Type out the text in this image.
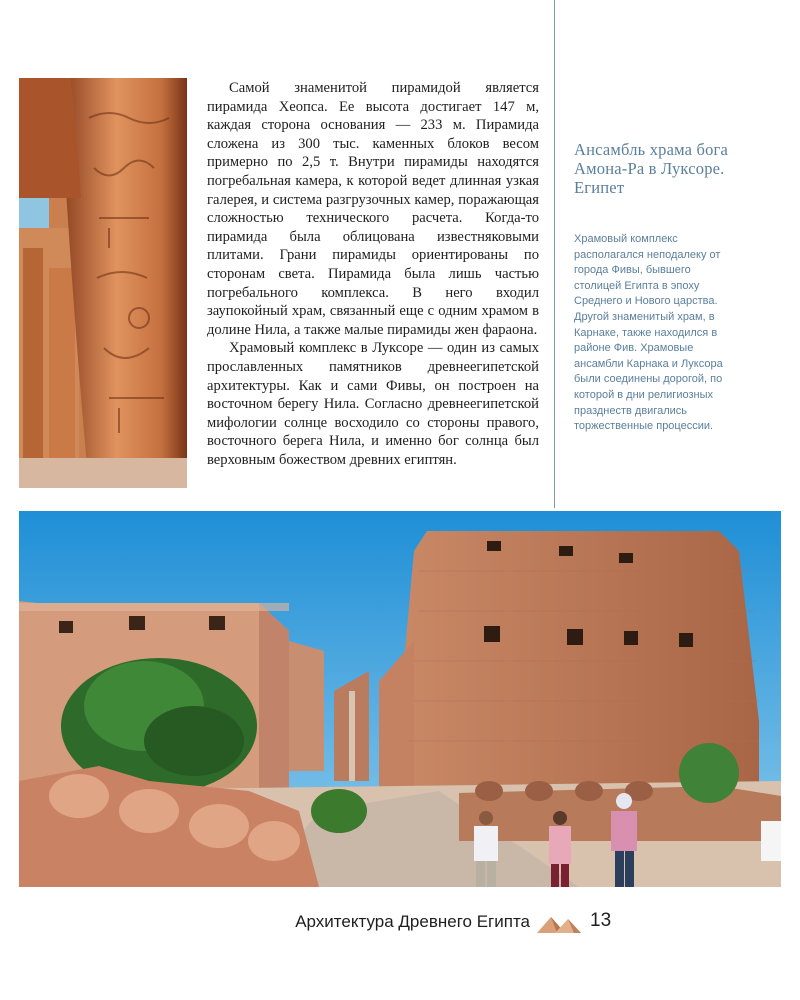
Самой знаменитой пирамидой является пирамида Хеопса. Ее высота достигает 147 м, каждая сторона основания — 233 м. Пирамида сложена из 300 тыс. каменных блоков весом примерно по 2,5 т. Внутри пирамиды находятся погребальная камера, к которой ведет длинная узкая галерея, и система разгрузочных камер, поражающая сложностью технического расчета. Когда-то пирамида была облицована известняковыми плитами. Грани пирамиды ориентированы по сторонам света. Пирамида была лишь частью погребального комплекса. В него входил заупокойный храм, связанный еще с одним храмом в долине Нила, а также малые пирамиды жен фараона.

Храмовый комплекс в Луксоре — один из самых прославленных памятников древнеегипетской архитектуры. Как и сами Фивы, он построен на восточном берегу Нила. Согласно древнеегипетской мифологии солнце восходило со стороны правого, восточного берега Нила, и именно бог солнца был верховным божеством древних египтян.

Ансамбль храма бога Амона-Ра в Луксоре. Египет
Храмовый комплекс располагался неподалеку от города Фивы, бывшего столицей Египта в эпоху Среднего и Нового царства. Другой знаменитый храм, в Карнаке, также находился в районе Фив. Храмовые ансамбли Карнака и Луксора были соединены дорогой, по которой в дни религиозных празднеств двигались торжественные процессии.
Архитектура Древнего Египта	13
